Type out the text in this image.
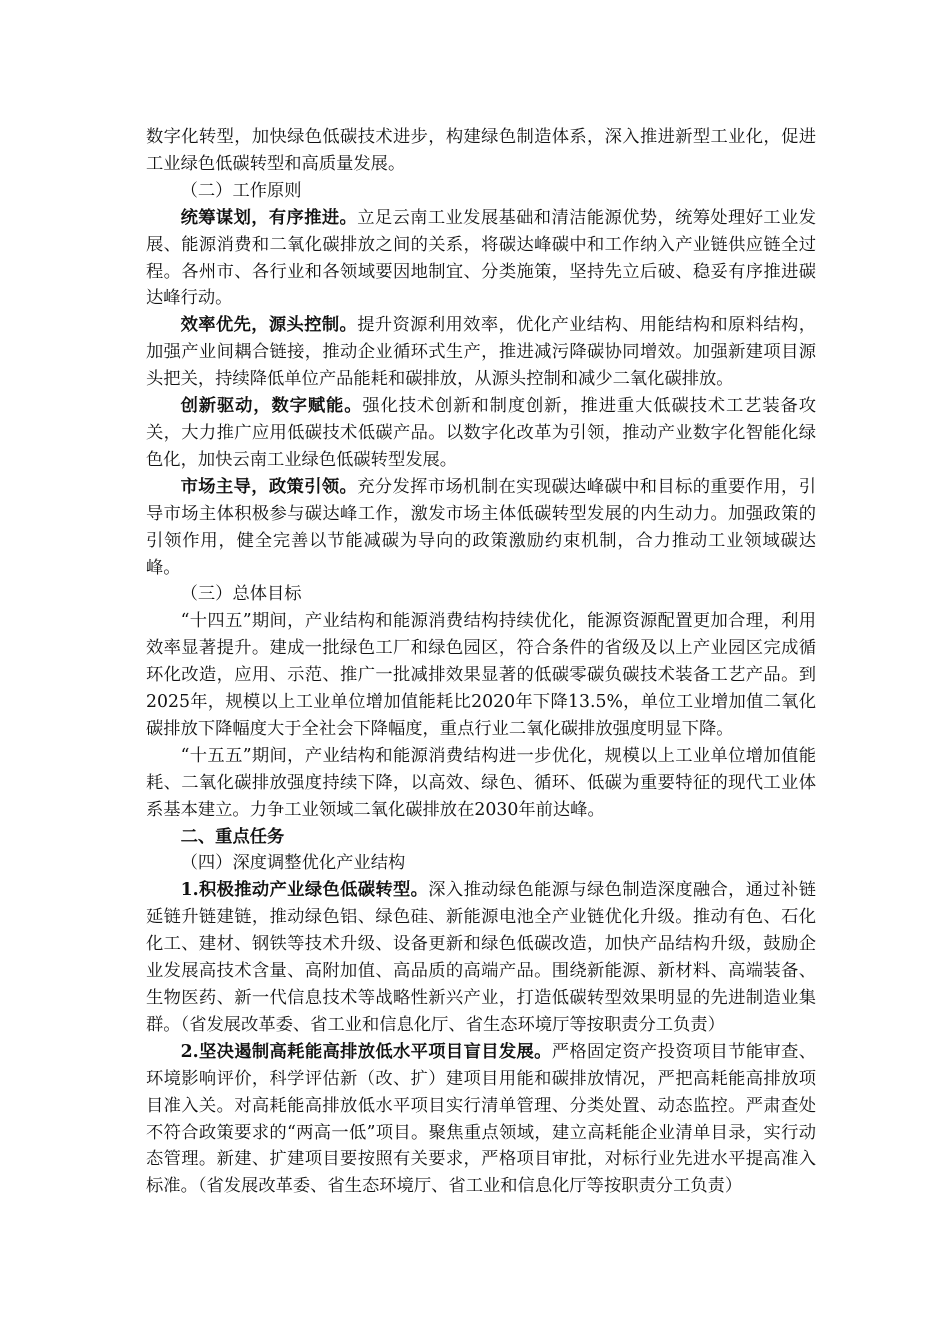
数字化转型，加快绿色低碳技术进步，构建绿色制造体系，深入推进新型工业化，促进工业绿色低碳转型和高质量发展。

（二）工作原则

统筹谋划，有序推进。立足云南工业发展基础和清洁能源优势，统筹处理好工业发展、能源消费和二氧化碳排放之间的关系，将碳达峰碳中和工作纳入产业链供应链全过程。各州市、各行业和各领域要因地制宜、分类施策，坚持先立后破、稳妥有序推进碳达峰行动。

效率优先，源头控制。提升资源利用效率，优化产业结构、用能结构和原料结构，加强产业间耦合链接，推动企业循环式生产，推进减污降碳协同增效。加强新建项目源头把关，持续降低单位产品能耗和碳排放，从源头控制和减少二氧化碳排放。

创新驱动，数字赋能。强化技术创新和制度创新，推进重大低碳技术工艺装备攻关，大力推广应用低碳技术低碳产品。以数字化改革为引领，推动产业数字化智能化绿色化，加快云南工业绿色低碳转型发展。

市场主导，政策引领。充分发挥市场机制在实现碳达峰碳中和目标的重要作用，引导市场主体积极参与碳达峰工作，激发市场主体低碳转型发展的内生动力。加强政策的引领作用，健全完善以节能减碳为导向的政策激励约束机制，合力推动工业领域碳达峰。

（三）总体目标

“十四五”期间，产业结构和能源消费结构持续优化，能源资源配置更加合理，利用效率显著提升。建成一批绿色工厂和绿色园区，符合条件的省级及以上产业园区完成循环化改造，应用、示范、推广一批减排效果显著的低碳零碳负碳技术装备工艺产品。到2025年，规模以上工业单位增加值能耗比2020年下降13.5%，单位工业增加值二氧化碳排放下降幅度大于全社会下降幅度，重点行业二氧化碳排放强度明显下降。

“十五五”期间，产业结构和能源消费结构进一步优化，规模以上工业单位增加值能耗、二氧化碳排放强度持续下降，以高效、绿色、循环、低碳为重要特征的现代工业体系基本建立。力争工业领域二氧化碳排放在2030年前达峰。

二、重点任务

（四）深度调整优化产业结构

1.积极推动产业绿色低碳转型。深入推动绿色能源与绿色制造深度融合，通过补链延链升链建链，推动绿色铝、绿色硅、新能源电池全产业链优化升级。推动有色、石化化工、建材、钢铁等技术升级、设备更新和绿色低碳改造，加快产品结构升级，鼓励企业发展高技术含量、高附加值、高品质的高端产品。围绕新能源、新材料、高端装备、生物医药、新一代信息技术等战略性新兴产业，打造低碳转型效果明显的先进制造业集群。（省发展改革委、省工业和信息化厅、省生态环境厅等按职责分工负责）

2.坚决遏制高耗能高排放低水平项目盲目发展。严格固定资产投资项目节能审查、环境影响评价，科学评估新（改、扩）建项目用能和碳排放情况，严把高耗能高排放项目准入关。对高耗能高排放低水平项目实行清单管理、分类处置、动态监控。严肃查处不符合政策要求的“两高一低”项目。聚焦重点领域，建立高耗能企业清单目录，实行动态管理。新建、扩建项目要按照有关要求，严格项目审批，对标行业先进水平提高准入标准。（省发展改革委、省生态环境厅、省工业和信息化厅等按职责分工负责）
